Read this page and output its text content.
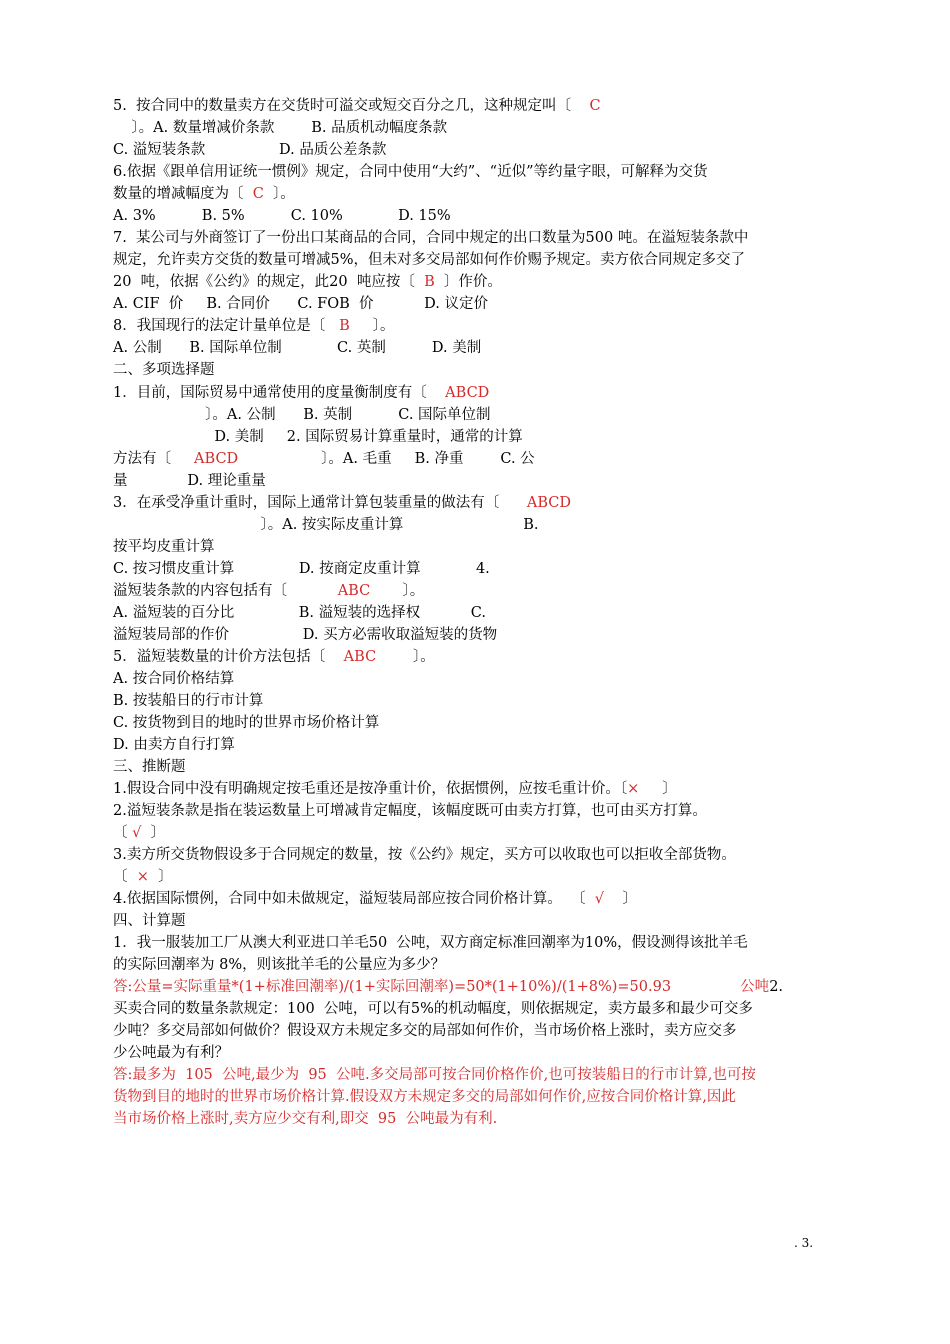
5.  按合同中的数量卖方在交货时可溢交或短交百分之几，这种规定叫〔    C
〕。A. 数量增减价条款        B. 品质机动幅度条款
C. 溢短装条款                D. 品质公差条款
6.依据《跟单信用证统一惯例》规定，合同中使用“大约”、“近似”等约量字眼，可解释为交货
数量的增减幅度为〔  C  〕。
A. 3%          B. 5%          C. 10%            D. 15%
7.  某公司与外商签订了一份出口某商品的合同，合同中规定的出口数量为500 吨。在溢短装条款中
规定，允许卖方交货的数量可增减5%，但未对多交局部如何作价赐予规定。卖方依合同规定多交了
20  吨，依据《公约》的规定，此20  吨应按〔  B  〕作价。
A. CIF  价     B. 合同价      C. FOB  价           D. 议定价
8．我国现行的法定计量单位是〔   B     〕。
A. 公制      B. 国际单位制            C. 英制          D. 美制
二、多项选择题
1．目前，国际贸易中通常使用的度量衡制度有〔    ABCD
〕。A. 公制      B. 英制          C. 国际单位制
D. 美制     2. 国际贸易计算重量时，通常的计算
方法有〔     ABCD                  〕。A. 毛重     B. 净重        C. 公
量             D. 理论重量
3．在承受净重计重时，国际上通常计算包装重量的做法有〔      ABCD
〕。A. 按实际皮重计算                          B.
按平均皮重计算
C. 按习惯皮重计算              D. 按商定皮重计算            4.
溢短装条款的内容包括有〔           ABC       〕。
A. 溢短装的百分比              B. 溢短装的选择权           C.
溢短装局部的作价                D. 买方必需收取溢短装的货物
5．溢短装数量的计价方法包括〔    ABC        〕。
A. 按合同价格结算
B. 按装船日的行市计算
C. 按货物到目的地时的世界市场价格计算
D. 由卖方自行打算
三、推断题
1.假设合同中没有明确规定按毛重还是按净重计价，依据惯例，应按毛重计价。〔×     〕
2.溢短装条款是指在装运数量上可增减肯定幅度，该幅度既可由卖方打算，也可由买方打算。
〔 √  〕
3.卖方所交货物假设多于合同规定的数量，按《公约》规定，买方可以收取也可以拒收全部货物。
〔  ×  〕
4.依据国际惯例，合同中如未做规定，溢短装局部应按合同价格计算。  〔  √    〕
四、计算题
1．我一服装加工厂从澳大利亚进口羊毛50  公吨，双方商定标准回潮率为10%，假设测得该批羊毛
的实际回潮率为 8%，则该批羊毛的公量应为多少？
答:公量=实际重量*(1+标准回潮率)/(1+实际回潮率)=50*(1+10%)/(1+8%)=50.93               公吨2.
买卖合同的数量条款规定：100  公吨，可以有5%的机动幅度，则依据规定，卖方最多和最少可交多
少吨？多交局部如何做价？假设双方未规定多交的局部如何作价，当市场价格上涨时，卖方应交多
少公吨最为有利？
答:最多为  105  公吨,最少为  95  公吨.多交局部可按合同价格作价,也可按装船日的行市计算,也可按
货物到目的地时的世界市场价格计算.假设双方未规定多交的局部如何作价,应按合同价格计算,因此
当市场价格上涨时,卖方应少交有利,即交  95  公吨最为有利.
. 3.
